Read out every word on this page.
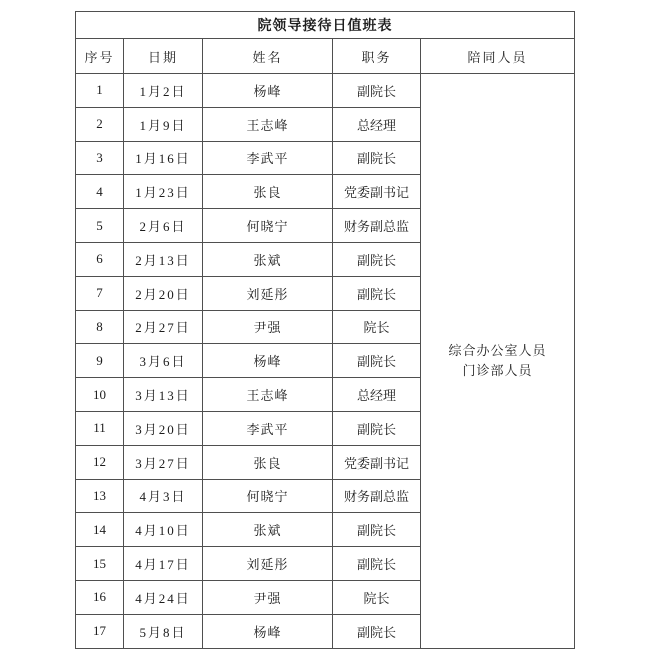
院领导接待日值班表				
序号	日期	姓名	职务	陪同人员
1	1月2日	杨峰	副院长	综合办公室人员
门诊部人员

2	1月9日	王志峰	总经理	
3	1月16日	李武平	副院长	
4	1月23日	张良	党委副书记	
5	2月6日	何晓宁	财务副总监	
6	2月13日	张斌	副院长	
7	2月20日	刘延彤	副院长	
8	2月27日	尹强	院长	
9	3月6日	杨峰	副院长	
10	3月13日	王志峰	总经理	
11	3月20日	李武平	副院长	
12	3月27日	张良	党委副书记	
13	4月3日	何晓宁	财务副总监	
14	4月10日	张斌	副院长	
15	4月17日	刘延彤	副院长	
16	4月24日	尹强	院长	
17	5月8日	杨峰	副院长	
